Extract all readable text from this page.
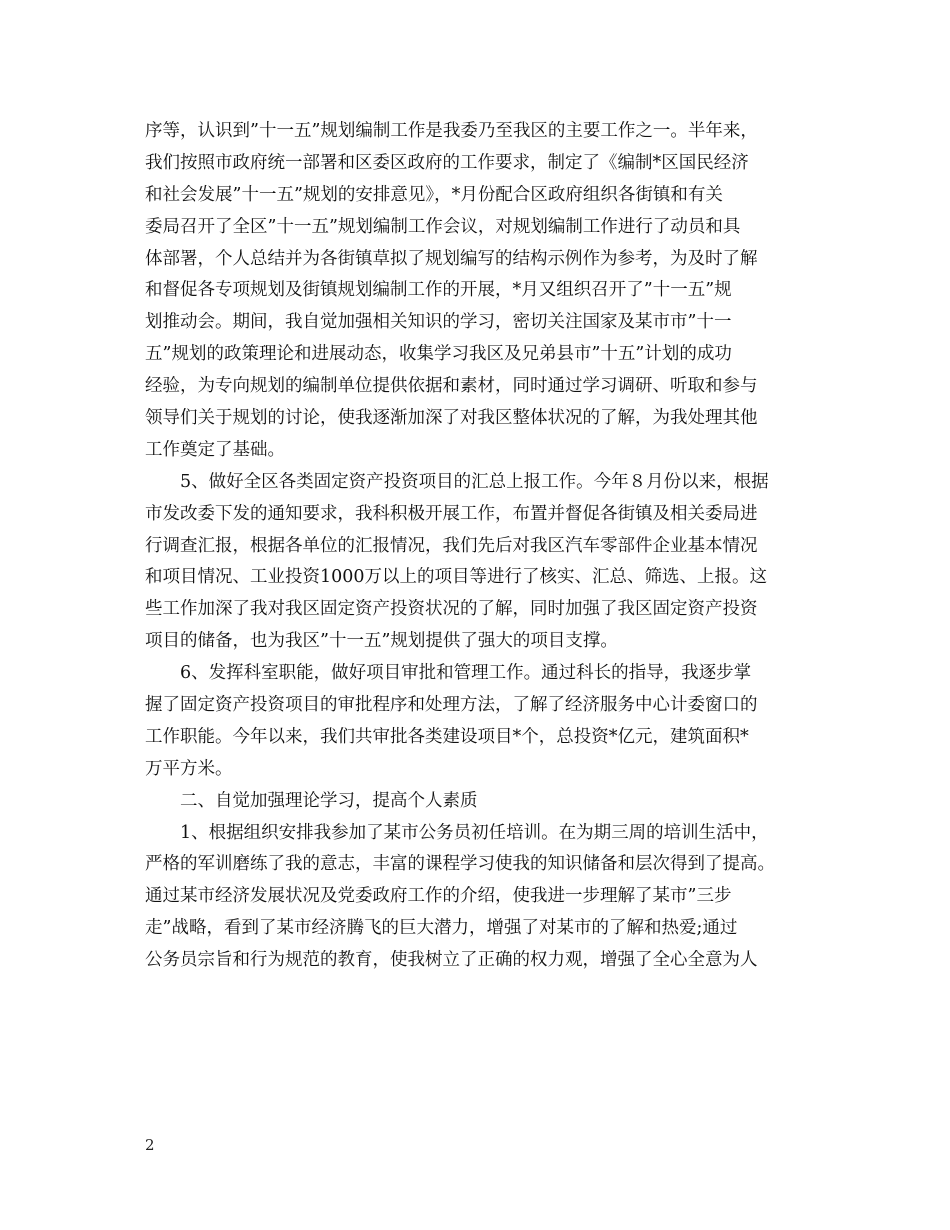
序等，认识到”十一五”规划编制工作是我委乃至我区的主要工作之一。半年来，
我们按照市政府统一部署和区委区政府的工作要求，制定了《编制*区国民经济
和社会发展”十一五”规划的安排意见》，*月份配合区政府组织各街镇和有关
委局召开了全区”十一五”规划编制工作会议，对规划编制工作进行了动员和具
体部署，个人总结并为各街镇草拟了规划编写的结构示例作为参考，为及时了解
和督促各专项规划及街镇规划编制工作的开展，*月又组织召开了”十一五”规
划推动会。期间，我自觉加强相关知识的学习，密切关注国家及某市市”十一
五”规划的政策理论和进展动态，收集学习我区及兄弟县市”十五”计划的成功
经验，为专向规划的编制单位提供依据和素材，同时通过学习调研、听取和参与
领导们关于规划的讨论，使我逐渐加深了对我区整体状况的了解，为我处理其他
工作奠定了基础。
5、做好全区各类固定资产投资项目的汇总上报工作。今年８月份以来，根据
市发改委下发的通知要求，我科积极开展工作，布置并督促各街镇及相关委局进
行调查汇报，根据各单位的汇报情况，我们先后对我区汽车零部件企业基本情况
和项目情况、工业投资1000万以上的项目等进行了核实、汇总、筛选、上报。这
些工作加深了我对我区固定资产投资状况的了解，同时加强了我区固定资产投资
项目的储备，也为我区”十一五”规划提供了强大的项目支撑。
6、发挥科室职能，做好项目审批和管理工作。通过科长的指导，我逐步掌
握了固定资产投资项目的审批程序和处理方法，了解了经济服务中心计委窗口的
工作职能。今年以来，我们共审批各类建设项目*个，总投资*亿元，建筑面积*
万平方米。
二、自觉加强理论学习，提高个人素质
1、根据组织安排我参加了某市公务员初任培训。在为期三周的培训生活中，
严格的军训磨练了我的意志，丰富的课程学习使我的知识储备和层次得到了提高。
通过某市经济发展状况及党委政府工作的介绍，使我进一步理解了某市”三步
走”战略，看到了某市经济腾飞的巨大潜力，增强了对某市的了解和热爱;通过
公务员宗旨和行为规范的教育，使我树立了正确的权力观，增强了全心全意为人
2
